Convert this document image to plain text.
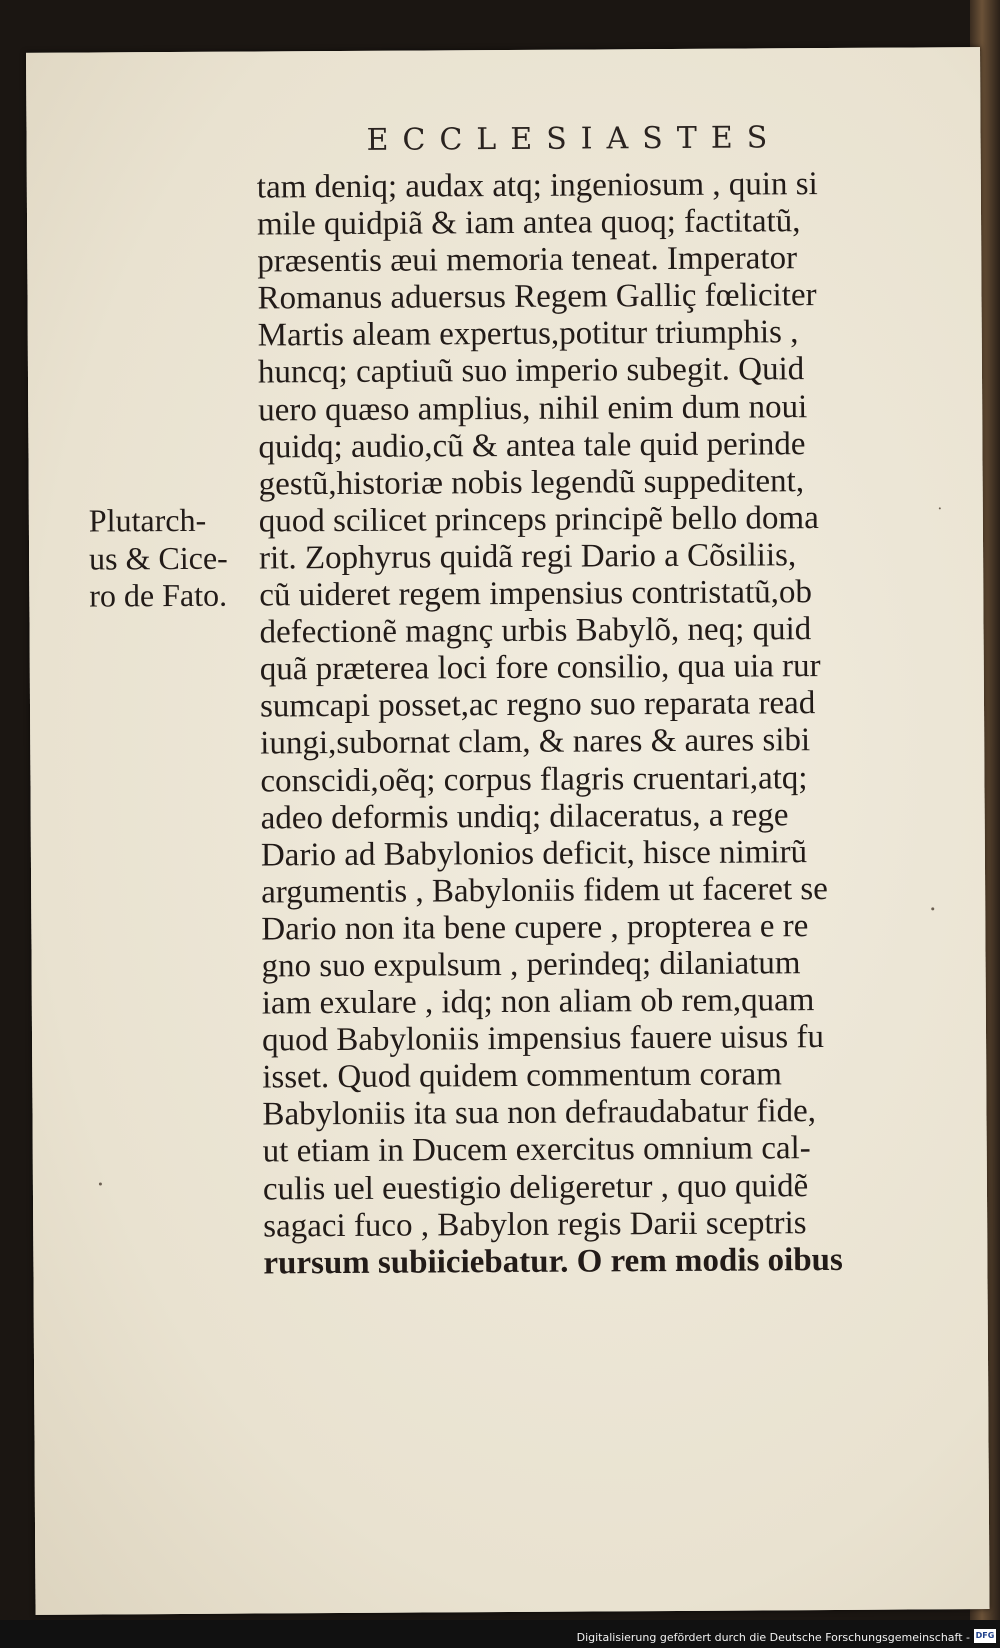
ECCLESIASTES
tam deniq; audax atq; ingeniosum , quin si
mile quidpiã & iam antea quoq; factitatũ,
præsentis æui memoria teneat. Imperator
Romanus aduersus Regem Galliç fœliciter
Martis aleam expertus,potitur triumphis ,
huncq; captiuũ suo imperio subegit. Quid
uero quæso amplius, nihil enim dum noui
quidq; audio,cũ & antea tale quid perinde
gestũ,historiæ nobis legendũ suppeditent,
quod scilicet princeps principẽ bello doma
rit. Zophyrus quidã regi Dario a Cõsiliis,
cũ uideret regem impensius contristatũ,ob
defectionẽ magnç urbis Babylõ, neq; quid
quã præterea loci fore consilio, qua uia rur
sumcapi posset,ac regno suo reparata read
iungi,subornat clam, & nares & aures sibi
conscidi,oẽq; corpus flagris cruentari,atq;
adeo deformis undiq; dilaceratus, a rege
Dario ad Babylonios deficit, hisce nimirũ
argumentis , Babyloniis fidem ut faceret se
Dario non ita bene cupere , propterea e re
gno suo expulsum , perindeq; dilaniatum
iam exulare , idq; non aliam ob rem,quam
quod Babyloniis impensius fauere uisus fu
isset. Quod quidem commentum coram
Babyloniis ita sua non defraudabatur fide,
ut etiam in Ducem exercitus omnium cal-
culis uel euestigio deligeretur , quo quidẽ
sagaci fuco , Babylon regis Darii sceptris
rursum subiiciebatur. O rem modis oibus
Plutarch-
us & Cice-
ro de Fato.
Digitalisierung gefördert durch die Deutsche Forschungsgemeinschaft - DFG
